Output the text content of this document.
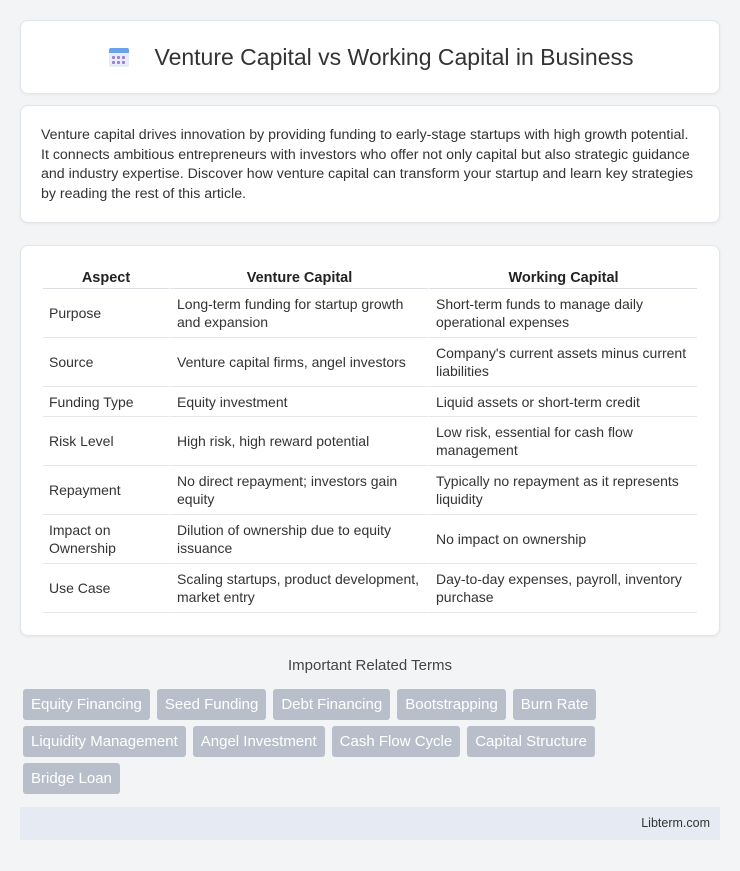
Venture Capital vs Working Capital in Business

Venture capital drives innovation by providing funding to early-stage startups with high growth potential. It connects ambitious entrepreneurs with investors who offer not only capital but also strategic guidance and industry expertise. Discover how venture capital can transform your startup and learn key strategies by reading the rest of this article.

Aspect	Venture Capital	Working Capital
Purpose	Long-term funding for startup growth and expansion	Short-term funds to manage daily operational expenses
Source	Venture capital firms, angel investors	Company's current assets minus current liabilities
Funding Type	Equity investment	Liquid assets or short-term credit
Risk Level	High risk, high reward potential	Low risk, essential for cash flow management
Repayment	No direct repayment; investors gain equity	Typically no repayment as it represents liquidity
Impact on Ownership	Dilution of ownership due to equity issuance	No impact on ownership
Use Case	Scaling startups, product development, market entry	Day-to-day expenses, payroll, inventory purchase
Important Related Terms
Equity Financing	Seed Funding	Debt Financing	Bootstrapping	Burn Rate
Liquidity Management	Angel Investment	Cash Flow Cycle	Capital Structure
Bridge Loan
Libterm.com
